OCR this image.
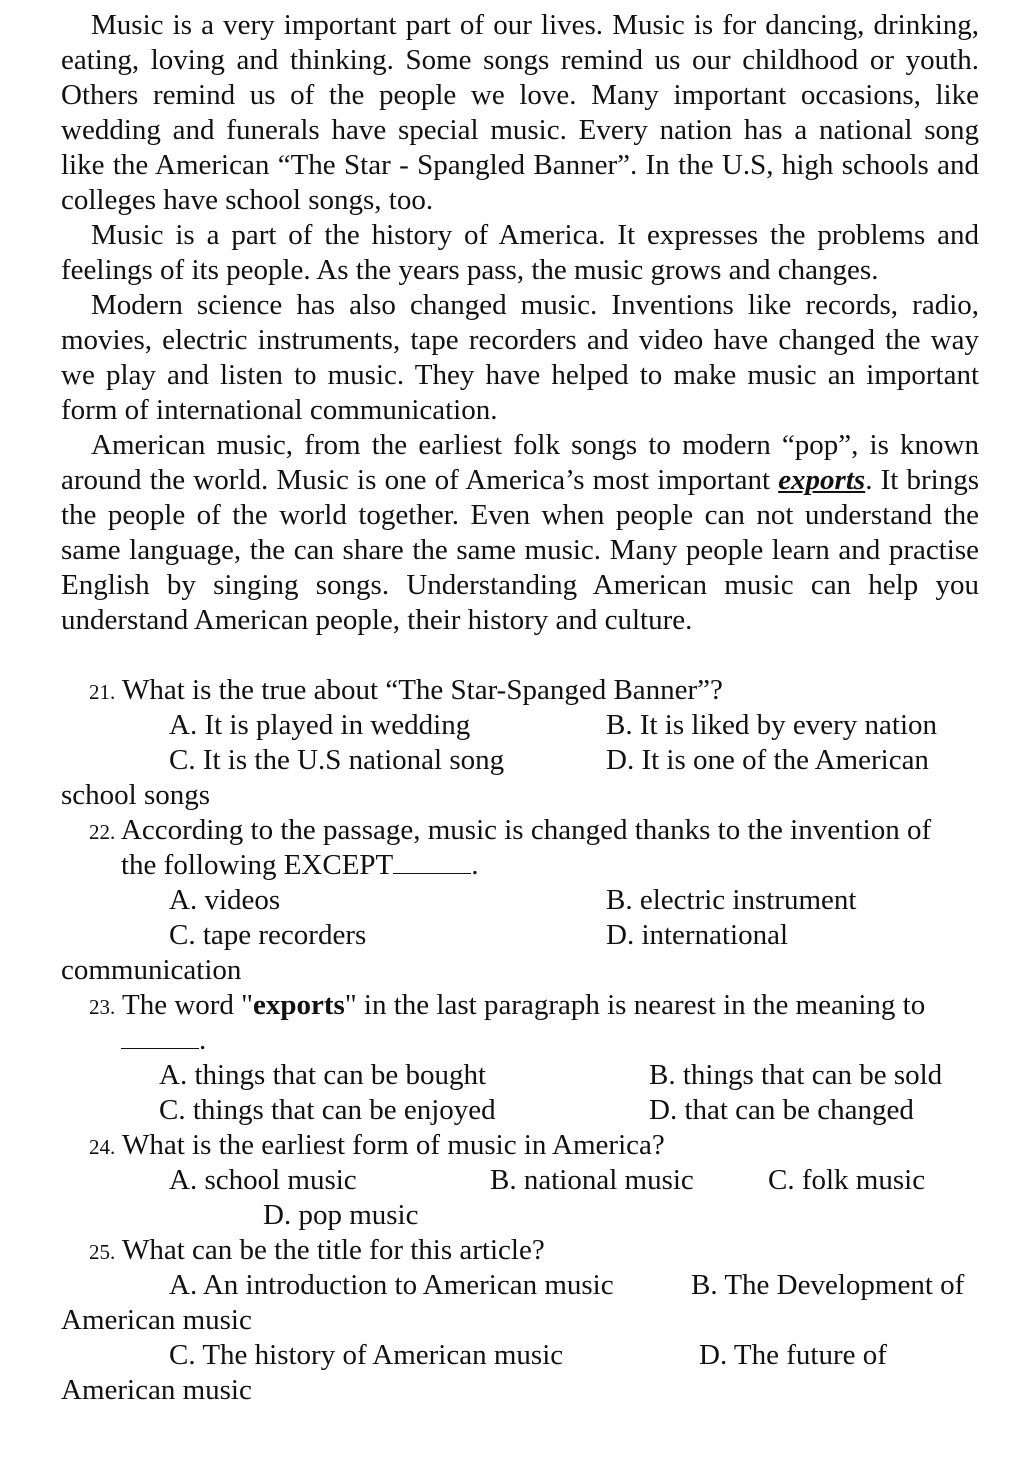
Music is a very important part of our lives. Music is for dancing, drinking, eating, loving and thinking. Some songs remind us our childhood or youth. Others remind us of the people we love. Many important occasions, like wedding and funerals have special music. Every nation has a national song like the American “The Star - Spangled Banner”. In the U.S, high schools and colleges have school songs, too.

Music is a part of the history of America. It expresses the problems and feelings of its people. As the years pass, the music grows and changes.

Modern science has also changed music. Inventions like records, radio, movies, electric instruments, tape recorders and video have changed the way we play and listen to music. They have helped to make music an important form of international communication.

American music, from the earliest folk songs to modern “pop”, is known around the world. Music is one of America’s most important exports. It brings the people of the world together. Even when people can not understand the same language, the can share the same music. Many people learn and practise English by singing songs. Understanding American music can help you understand American people, their history and culture.

21. What is the true about “The Star-Spanged Banner”?
A. It is played in wedding	B. It is liked by every nation
C. It is the U.S national song	D. It is one of the American
school songs
22. According to the passage, music is changed thanks to the invention of
the following EXCEPT	.
A. videos	B. electric instrument
C. tape recorders	D. international
communication
23. The word "exports" in the last paragraph is nearest in the meaning to
.
A. things that can be bought	B. things that can be sold
C. things that can be enjoyed	D. that can be changed
24. What is the earliest form of music in America?
A. school music	B. national music	C. folk music
D. pop music
25. What can be the title for this article?
A. An introduction to American music	B. The Development of
American music
C. The history of American music	D. The future of
American music
